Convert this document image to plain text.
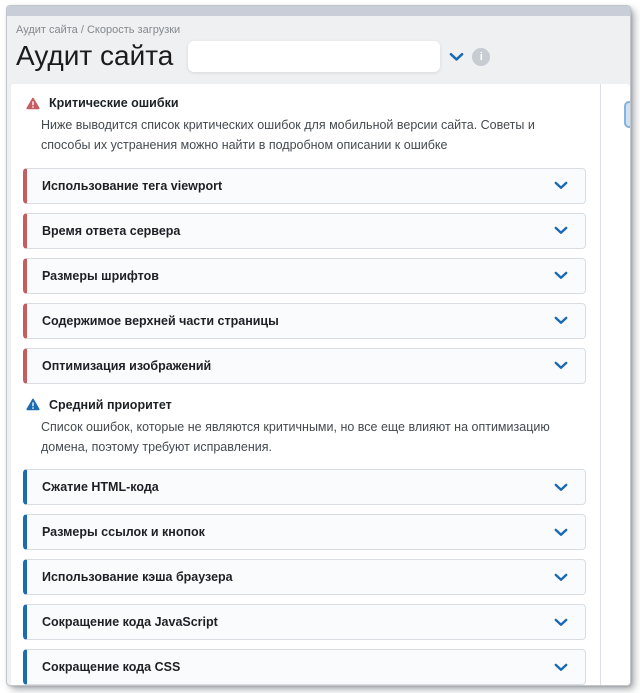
Аудит сайта / Скорость загрузки
Аудит сайта	i
Критические ошибки

Ниже выводится список критических ошибок для мобильной версии сайта. Советы и способы их устранения можно найти в подробном описании к ошибке

Использование тега viewport
Время ответа сервера
Размеры шрифтов
Содержимое верхней части страницы
Оптимизация изображений
Средний приоритет

Список ошибок, которые не являются критичными, но все еще влияют на оптимизацию домена, поэтому требуют исправления.

Сжатие HTML-кода
Размеры ссылок и кнопок
Использование кэша браузера
Сокращение кода JavaScript
Сокращение кода CSS
